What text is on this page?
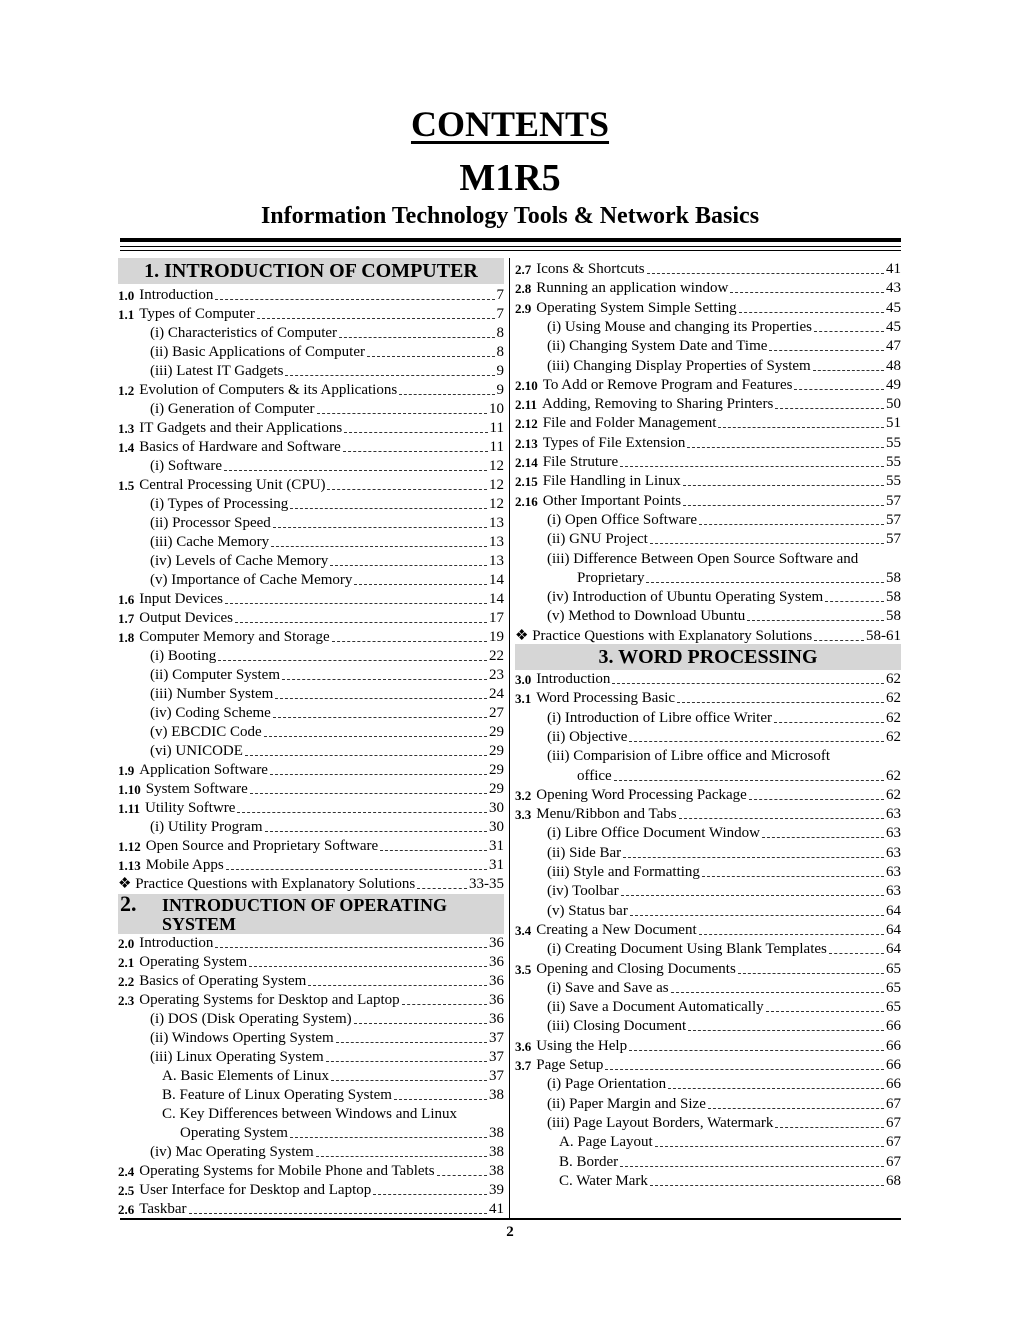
CONTENTS
M1R5
Information Technology Tools & Network Basics
1. INTRODUCTION OF COMPUTER
1.0 Introduction	7
1.1 Types of Computer	7
(i) Characteristics of Computer	8
(ii) Basic Applications of Computer	8
(iii) Latest IT Gadgets	9
1.2 Evolution of Computers & its Applications	9
(i) Generation of Computer	10
1.3 IT Gadgets and their Applications	11
1.4 Basics of Hardware and Software	11
(i) Software	12
1.5 Central Processing Unit (CPU)	12
(i) Types of Processing	12
(ii) Processor Speed	13
(iii) Cache Memory	13
(iv) Levels of Cache Memory	13
(v) Importance of Cache Memory	14
1.6 Input Devices	14
1.7 Output Devices	17
1.8 Computer Memory and Storage	19
(i) Booting	22
(ii) Computer System	23
(iii) Number System	24
(iv) Coding Scheme	27
(v) EBCDIC Code	29
(vi) UNICODE	29
1.9 Application Software	29
1.10 System Software	29
1.11 Utility Softwre	30
(i) Utility Program	30
1.12 Open Source and Proprietary Software	31
1.13 Mobile Apps	31
❖ Practice Questions with Explanatory Solutions	33-35
2. INTRODUCTION OF OPERATING
SYSTEM
2.0 Introduction	36
2.1 Operating System	36
2.2 Basics of Operating System	36
2.3 Operating Systems for Desktop and Laptop	36
(i) DOS (Disk Operating System)	36
(ii) Windows Operting System	37
(iii) Linux Operating System	37
A. Basic Elements of Linux	37
B. Feature of Linux Operating System	38
C. Key Differences between Windows and Linux
Operating System	38
(iv) Mac Operating System	38
2.4 Operating Systems for Mobile Phone and Tablets	38
2.5 User Interface for Desktop and Laptop	39
2.6 Taskbar	41
2.7 Icons & Shortcuts	41
2.8 Running an application window	43
2.9 Operating System Simple Setting	45
(i) Using Mouse and changing its Properties	45
(ii) Changing System Date and Time	47
(iii) Changing Display Properties of System	48
2.10 To Add or Remove Program and Features	49
2.11 Adding, Removing to Sharing Printers	50
2.12 File and Folder Management	51
2.13 Types of File Extension	55
2.14 File Struture	55
2.15 File Handling in Linux	55
2.16 Other Important Points	57
(i) Open Office Software	57
(ii) GNU Project	57
(iii) Difference Between Open Source Software and
Proprietary	58
(iv) Introduction of Ubuntu Operating System	58
(v) Method to Download Ubuntu	58
❖ Practice Questions with Explanatory Solutions	58-61
3. WORD PROCESSING
3.0 Introduction	62
3.1 Word Processing Basic	62
(i) Introduction of Libre office Writer	62
(ii) Objective	62
(iii) Comparision of Libre office and Microsoft
office	62
3.2 Opening Word Processing Package	62
3.3 Menu/Ribbon and Tabs	63
(i) Libre Office Document Window	63
(ii) Side Bar	63
(iii) Style and Formatting	63
(iv) Toolbar	63
(v) Status bar	64
3.4 Creating a New Document	64
(i) Creating Document Using Blank Templates	64
3.5 Opening and Closing Documents	65
(i) Save and Save as	65
(ii) Save a Document Automatically	65
(iii) Closing Document	66
3.6 Using the Help	66
3.7 Page Setup	66
(i) Page Orientation	66
(ii) Paper Margin and Size	67
(iii) Page Layout Borders, Watermark	67
A. Page Layout	67
B. Border	67
C. Water Mark	68
2
